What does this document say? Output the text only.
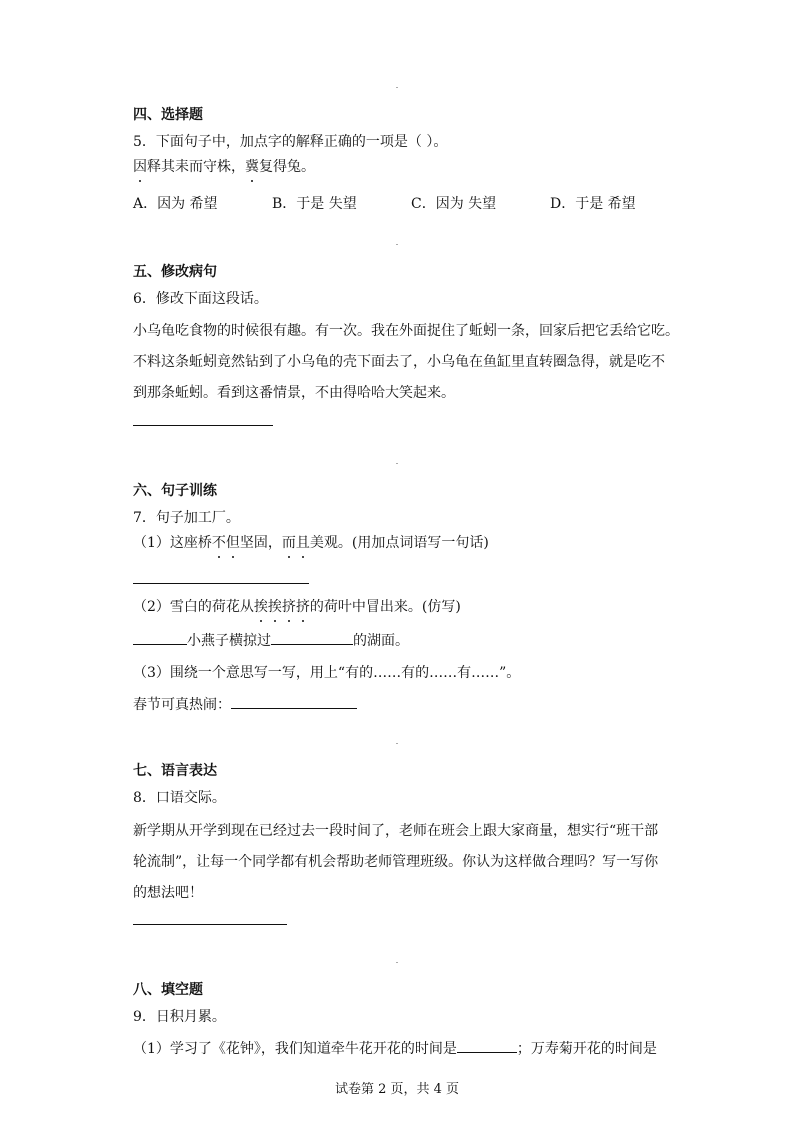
四、选择题
5．下面句子中，加点字的解释正确的一项是（ ）。
因释其耒而守株，冀复得兔。
A．因为 希望	B．于是 失望	C．因为 失望	D．于是 希望
五、修改病句
6．修改下面这段话。
小乌龟吃食物的时候很有趣。有一次。我在外面捉住了蚯蚓一条，回家后把它丢给它吃。
不料这条蚯蚓竟然钻到了小乌龟的壳下面去了，小乌龟在鱼缸里直转圈急得，就是吃不
到那条蚯蚓。看到这番情景，不由得哈哈大笑起来。
六、句子训练
7．句子加工厂。
（1）这座桥不但坚固，而且美观。(用加点词语写一句话)
（2）雪白的荷花从挨挨挤挤的荷叶中冒出来。(仿写)
小燕子横掠过	的湖面。
（3）围绕一个意思写一写，用上“有的……有的……有……”。
春节可真热闹：
七、语言表达
8．口语交际。
新学期从开学到现在已经过去一段时间了，老师在班会上跟大家商量，想实行“班干部
轮流制”，让每一个同学都有机会帮助老师管理班级。你认为这样做合理吗？写一写你
的想法吧！
八、填空题
9．日积月累。
（1）学习了《花钟》，我们知道牵牛花开花的时间是	；万寿菊开花的时间是
试卷第 2 页，共 4 页
